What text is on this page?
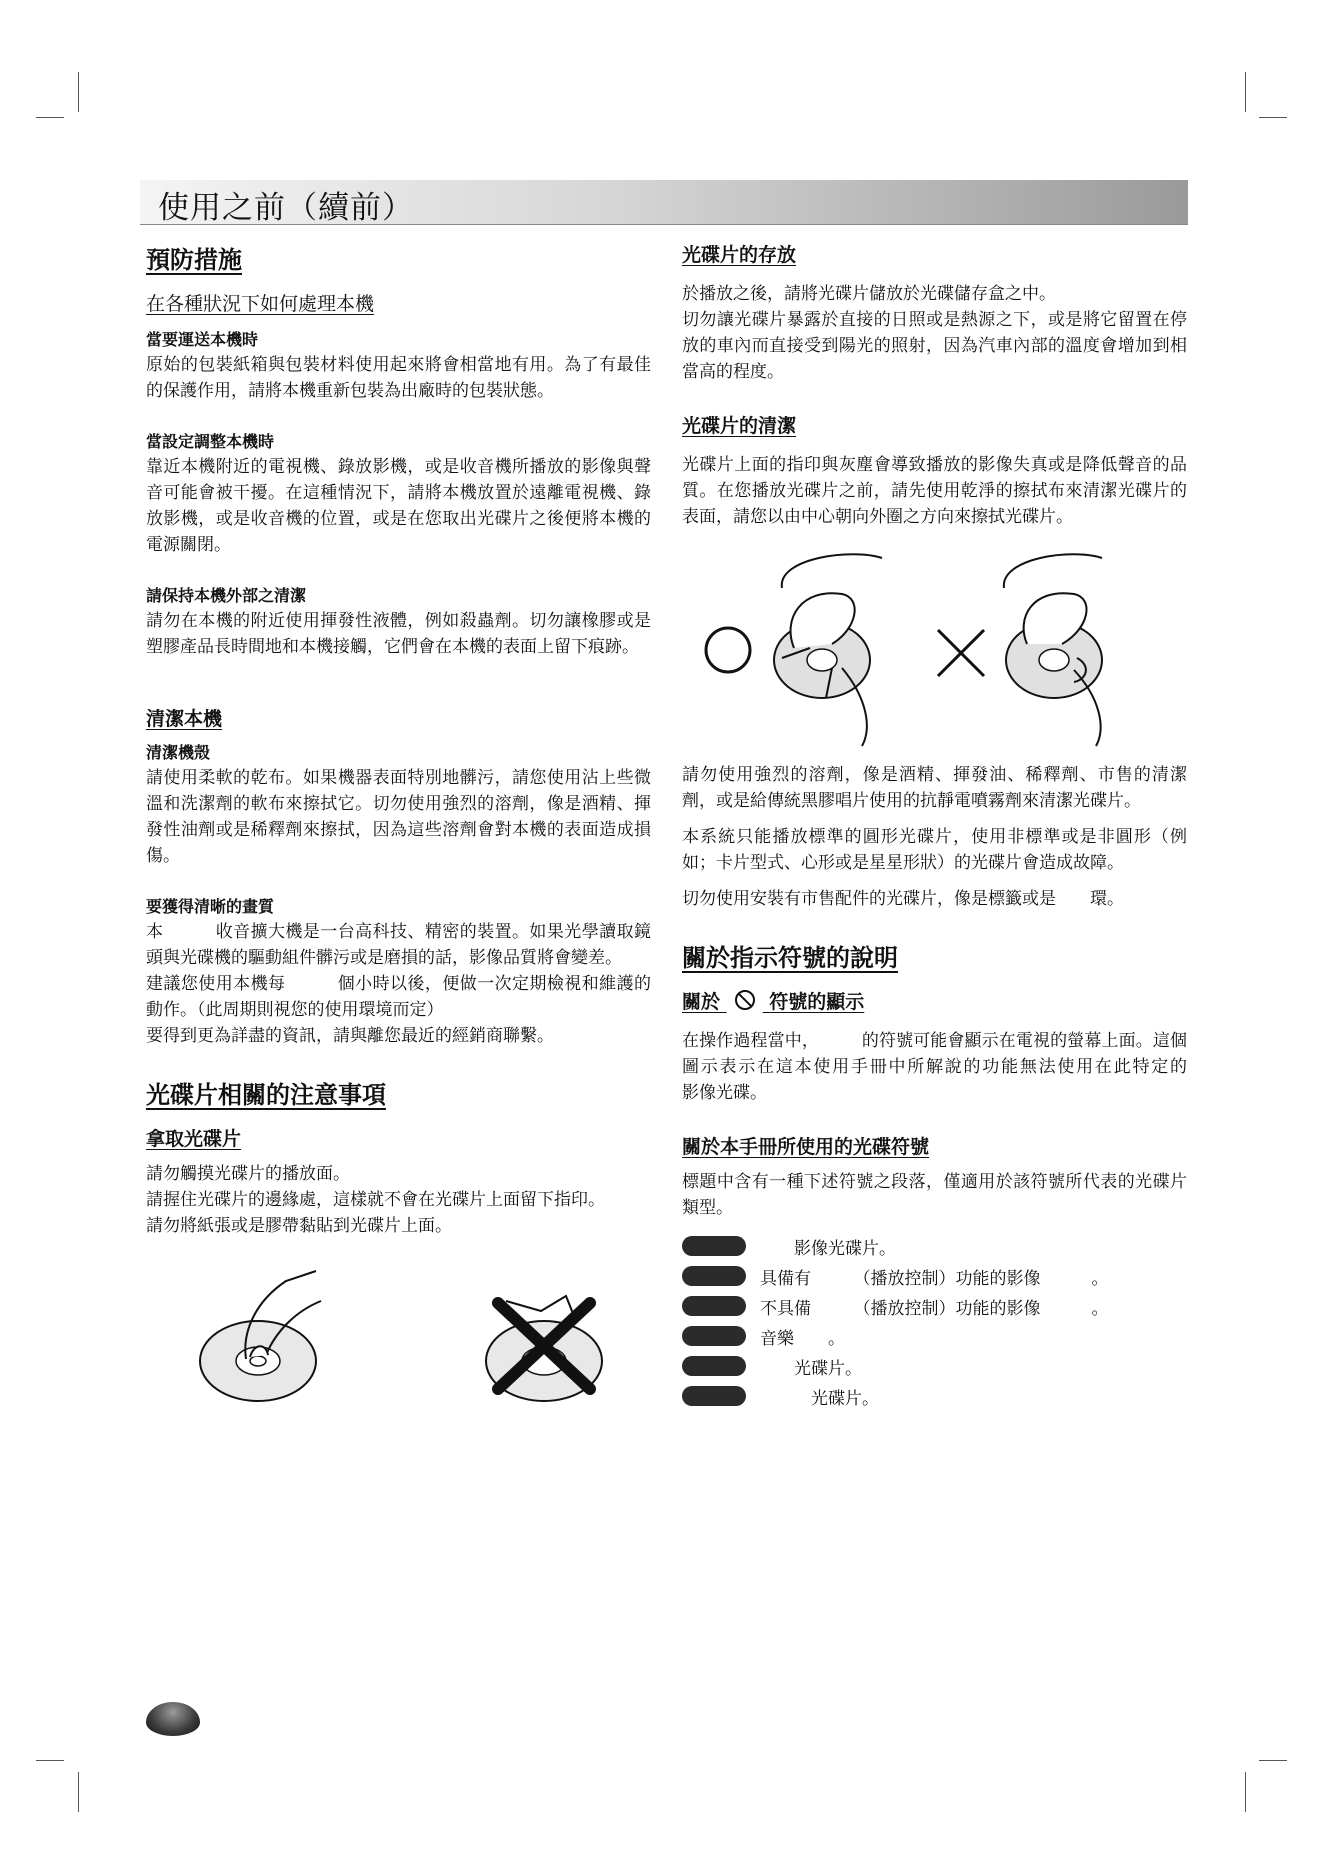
使用之前（續前）
預防措施
在各種狀況下如何處理本機
當要運送本機時

原始的包裝紙箱與包裝材料使用起來將會相當地有用。為了有最佳的保護作用，請將本機重新包裝為出廠時的包裝狀態。

當設定調整本機時

靠近本機附近的電視機、錄放影機，或是收音機所播放的影像與聲音可能會被干擾。在這種情況下，請將本機放置於遠離電視機、錄放影機，或是收音機的位置，或是在您取出光碟片之後便將本機的電源關閉。

請保持本機外部之清潔

請勿在本機的附近使用揮發性液體，例如殺蟲劑。切勿讓橡膠或是塑膠產品長時間地和本機接觸，它們會在本機的表面上留下痕跡。

清潔本機
清潔機殼

請使用柔軟的乾布。如果機器表面特別地髒污，請您使用沾上些微溫和洗潔劑的軟布來擦拭它。切勿使用強烈的溶劑，像是酒精、揮發性油劑或是稀釋劑來擦拭，因為這些溶劑會對本機的表面造成損傷。

要獲得清晰的畫質

本　　　收音擴大機是一台高科技、精密的裝置。如果光學讀取鏡頭與光碟機的驅動組件髒污或是磨損的話，影像品質將會變差。

建議您使用本機每　　　個小時以後，便做一次定期檢視和維護的動作。（此周期則視您的使用環境而定）

要得到更為詳盡的資訊，請與離您最近的經銷商聯繫。

光碟片相關的注意事項
拿取光碟片

請勿觸摸光碟片的播放面。

請握住光碟片的邊緣處，這樣就不會在光碟片上面留下指印。

請勿將紙張或是膠帶黏貼到光碟片上面。

光碟片的存放

於播放之後，請將光碟片儲放於光碟儲存盒之中。

切勿讓光碟片暴露於直接的日照或是熱源之下，或是將它留置在停放的車內而直接受到陽光的照射，因為汽車內部的溫度會增加到相當高的程度。

光碟片的清潔

光碟片上面的指印與灰塵會導致播放的影像失真或是降低聲音的品質。在您播放光碟片之前，請先使用乾淨的擦拭布來清潔光碟片的表面，請您以由中心朝向外圈之方向來擦拭光碟片。

請勿使用強烈的溶劑，像是酒精、揮發油、稀釋劑、市售的清潔劑，或是給傳統黑膠唱片使用的抗靜電噴霧劑來清潔光碟片。

本系統只能播放標準的圓形光碟片，使用非標準或是非圓形（例如；卡片型式、心形或是星星形狀）的光碟片會造成故障。

切勿使用安裝有市售配件的光碟片，像是標籤或是　　環。

關於指示符號的說明
關於	符號的顯示

在操作過程當中，　　　的符號可能會顯示在電視的螢幕上面。這個圖示表示在這本使用手冊中所解說的功能無法使用在此特定的　　　影像光碟。

關於本手冊所使用的光碟符號

標題中含有一種下述符號之段落，僅適用於該符號所代表的光碟片類型。

　　影像光碟片。
具備有　　　（播放控制）功能的影像　　　。
不具備　　　（播放控制）功能的影像　　　。
音樂　　。
　　光碟片。
　　　光碟片。
